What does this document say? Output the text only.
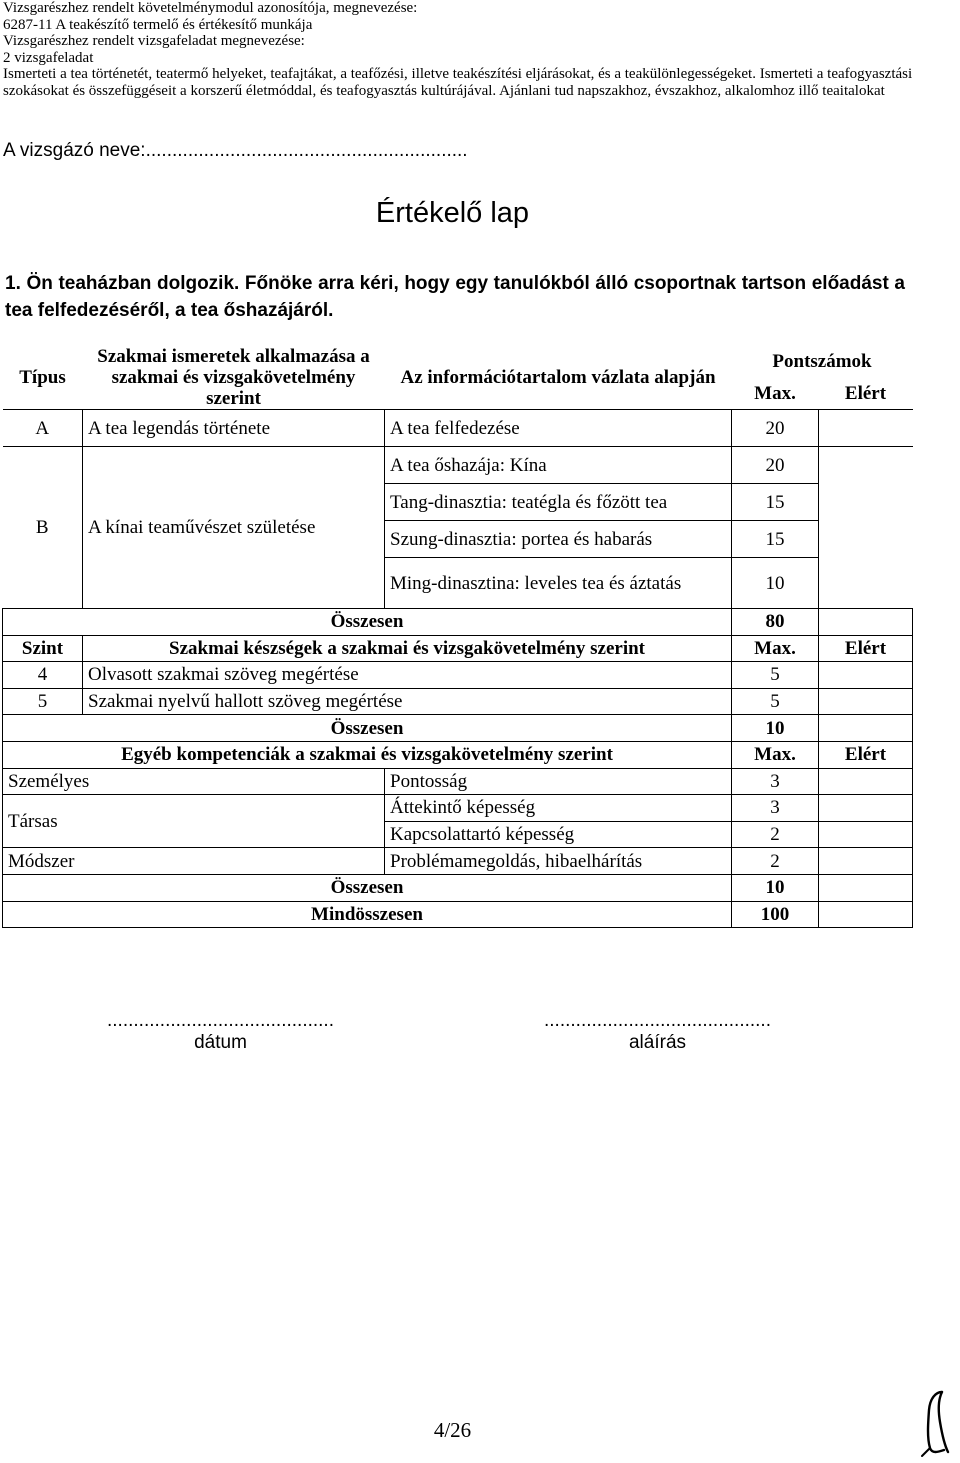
Vizsgarészhez rendelt követelménymodul azonosítója, megnevezése:
6287-11 A teakészítő termelő és értékesítő munkája
Vizsgarészhez rendelt vizsgafeladat megnevezése:
2 vizsgafeladat
Ismerteti a tea történetét, teatermő helyeket, teafajtákat, a teafőzési, illetve teakészítési eljárásokat, és a teakülönlegességeket. Ismerteti a teafogyasztási szokásokat és összefüggéseit a korszerű életmóddal, és teafogyasztás kultúrájával. Ajánlani tud napszakhoz, évszakhoz, alkalomhoz illő teaitalokat
A vizsgázó neve:.............................................................
Értékelő lap
1. Ön teaházban dolgozik. Főnöke arra kéri, hogy egy tanulókból álló csoportnak tartson előadást a tea felfedezéséről, a tea őshazájáról.
Típus	Szakmai ismeretek alkalmazása a szakmai és vizsgakövetelmény szerint	Az információtartalom vázlata alapján	Pontszámok	
			Max.	Elért
A	A tea legendás története	A tea felfedezése	20	
B	A kínai teaművészet születése	A tea őshazája: Kína	20	
		Tang-dinasztia: teatégla és főzött tea	15	
		Szung-dinasztia: portea és habarás	15	
		Ming-dinasztina: leveles tea és áztatás	10	
Összesen			80	
Szint	Szakmai készségek a szakmai és vizsgakövetelmény szerint		Max.	Elért
4	Olvasott szakmai szöveg megértése		5	
5	Szakmai nyelvű hallott szöveg megértése		5	
Összesen			10	
Egyéb kompetenciák a szakmai és vizsgakövetelmény szerint			Max.	Elért
Személyes		Pontosság	3	
Társas		Áttekintő képesség	3	
		Kapcsolattartó képesség	2	
Módszer		Problémamegoldás, hibaelhárítás	2	
Összesen			10	
Mindösszesen			100	
...........................................
dátum
...........................................
aláírás
4/26
